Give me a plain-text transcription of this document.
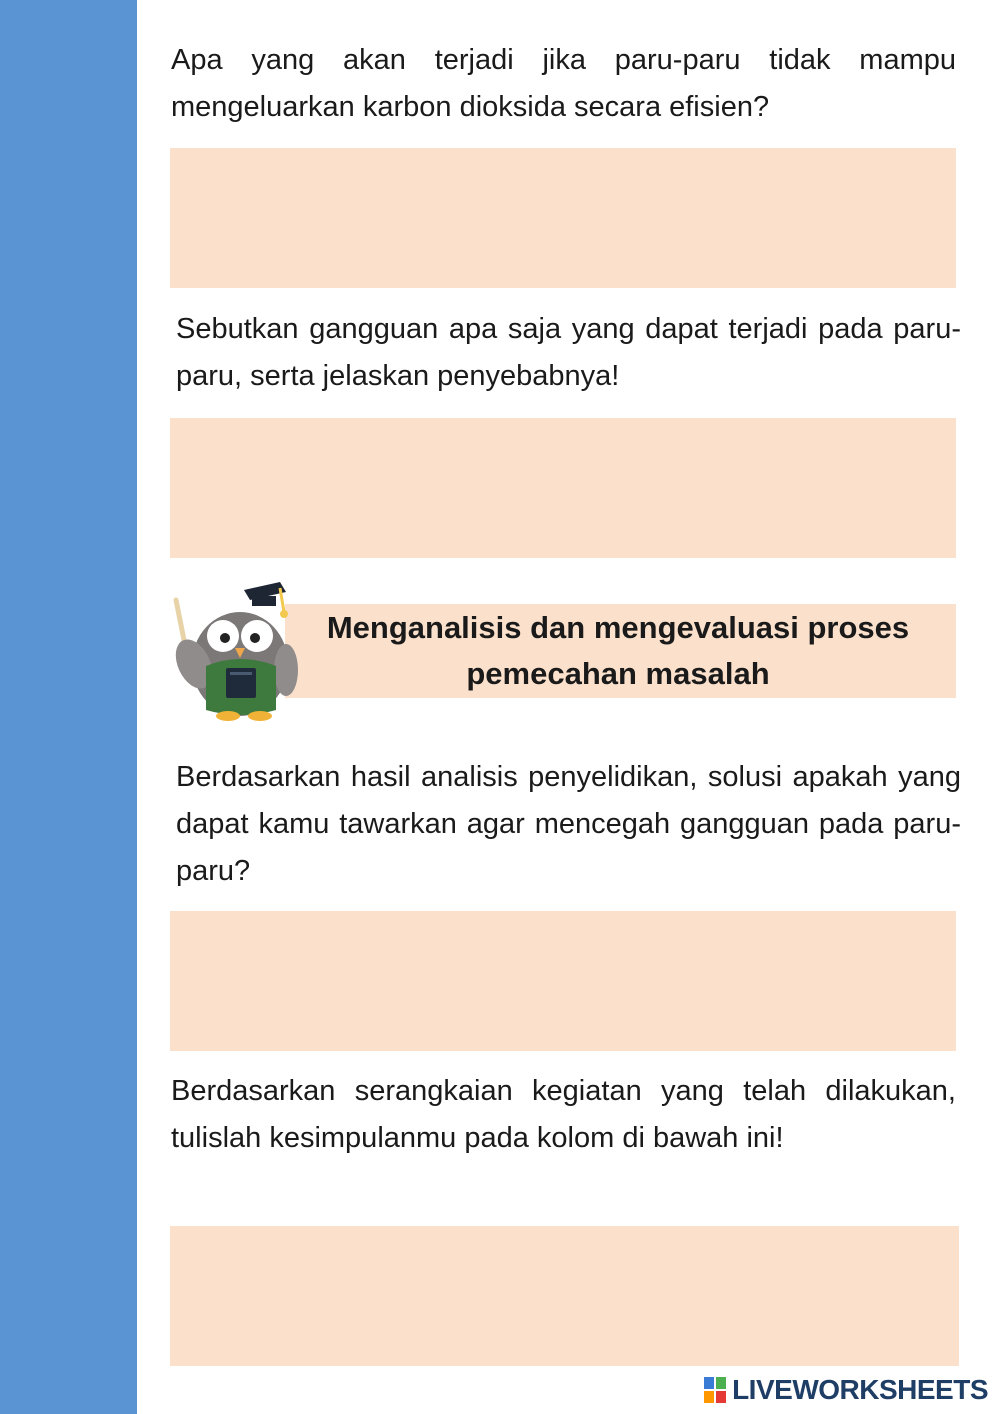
Apa yang akan terjadi jika paru-paru tidak mampu mengeluarkan karbon dioksida secara efisien?

Sebutkan gangguan apa saja yang dapat terjadi pada paru-paru, serta jelaskan penyebabnya!

Menganalisis dan mengevaluasi proses pemecahan masalah

Berdasarkan hasil analisis penyelidikan, solusi apakah yang dapat kamu tawarkan agar mencegah gangguan pada paru-paru?

Berdasarkan serangkaian kegiatan yang telah dilakukan, tulislah kesimpulanmu pada kolom di bawah ini!

LIVEWORKSHEETS
